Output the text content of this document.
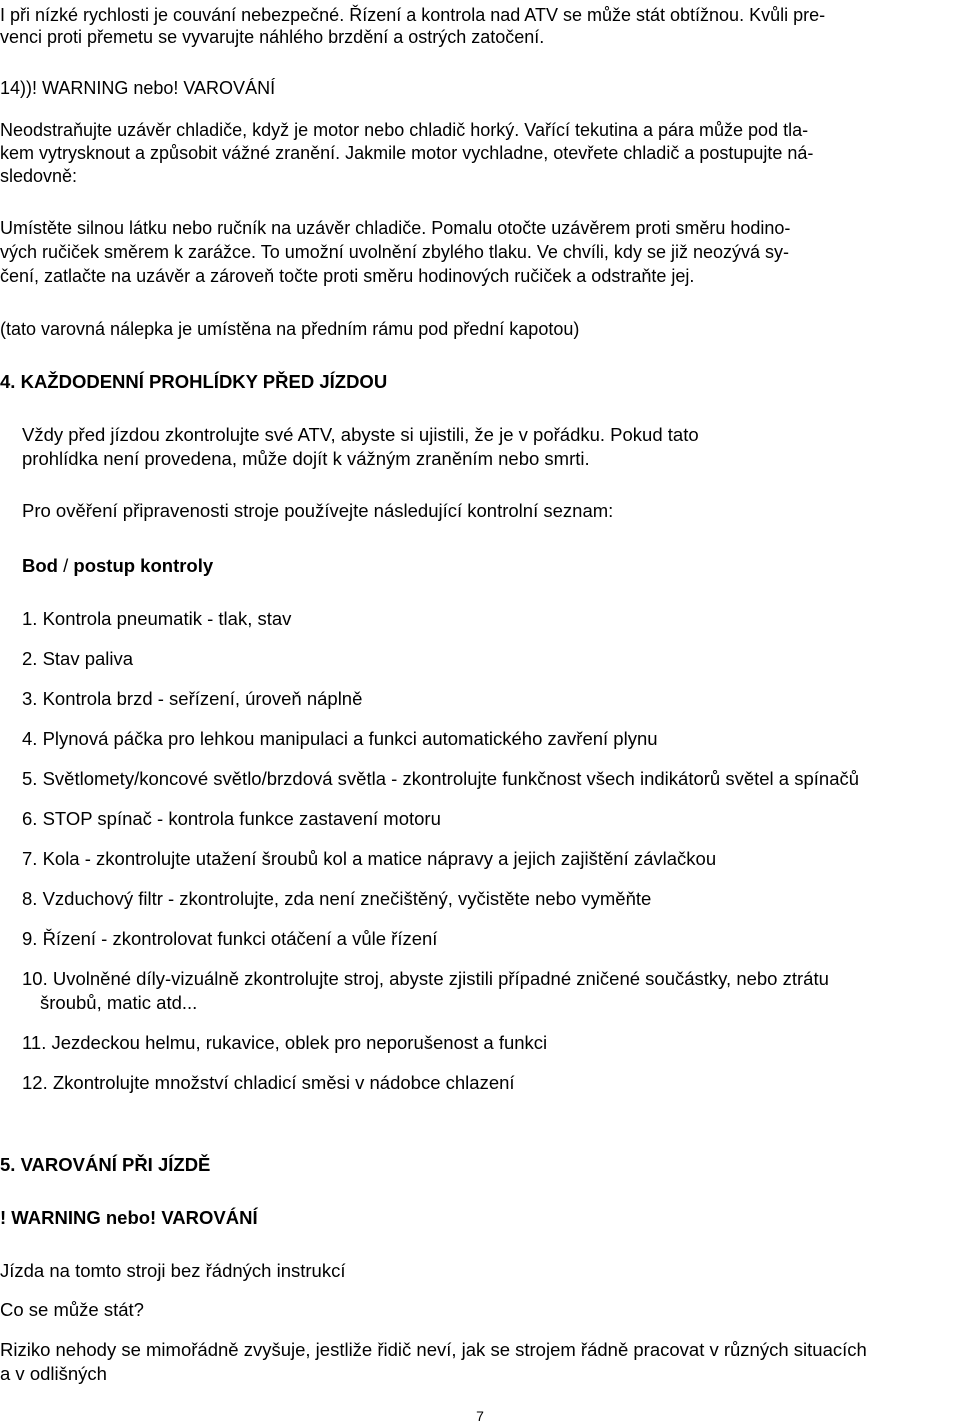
I při nízké rychlosti je couvání nebezpečné. Řízení a kontrola nad ATV se může stát obtížnou. Kvůli pre-
venci proti přemetu se vyvarujte náhlého brzdění a ostrých zatočení.
14))! WARNING nebo! VAROVÁNÍ
Neodstraňujte uzávěr chladiče, když je motor nebo chladič horký. Vařící tekutina a pára může pod tla-
kem vytrysknout a způsobit vážné zranění. Jakmile motor vychladne, otevřete chladič a postupujte ná-
sledovně:
Umístěte silnou látku nebo ručník na uzávěr chladiče. Pomalu otočte uzávěrem proti směru hodino-
vých ručiček směrem k zarážce. To umožní uvolnění zbylého tlaku. Ve chvíli, kdy se již neozývá sy-
čení, zatlačte na uzávěr a zároveň točte proti směru hodinových ručiček a odstraňte jej.
(tato varovná nálepka je umístěna na předním rámu pod přední kapotou)
4. KAŽDODENNÍ PROHLÍDKY PŘED JÍZDOU
Vždy před jízdou zkontrolujte své ATV, abyste si ujistili, že je v pořádku. Pokud tato
prohlídka není provedena, může dojít k vážným zraněním nebo smrti.
Pro ověření připravenosti stroje používejte následující kontrolní seznam:
Bod / postup kontroly
1. Kontrola pneumatik - tlak, stav
2. Stav paliva
3. Kontrola brzd - seřízení, úroveň náplně
4. Plynová páčka pro lehkou manipulaci a funkci automatického zavření plynu
5. Světlomety/koncové světlo/brzdová světla - zkontrolujte funkčnost všech indikátorů světel a spínačů
6. STOP spínač - kontrola funkce zastavení motoru
7. Kola - zkontrolujte utažení šroubů kol a matice nápravy a jejich zajištění závlačkou
8. Vzduchový filtr - zkontrolujte, zda není znečištěný, vyčistěte nebo vyměňte
9. Řízení - zkontrolovat funkci otáčení a vůle řízení
10. Uvolněné díly-vizuálně zkontrolujte stroj, abyste zjistili případné zničené součástky, nebo ztrátu
šroubů, matic atd...
11. Jezdeckou helmu, rukavice, oblek pro neporušenost a funkci
12. Zkontrolujte množství chladicí směsi v nádobce chlazení
5. VAROVÁNÍ PŘI JÍZDĚ
! WARNING nebo! VAROVÁNÍ
Jízda na tomto stroji bez řádných instrukcí
Co se může stát?
Riziko nehody se mimořádně zvyšuje, jestliže řidič neví, jak se strojem řádně pracovat v různých situacích
a v odlišných
7
